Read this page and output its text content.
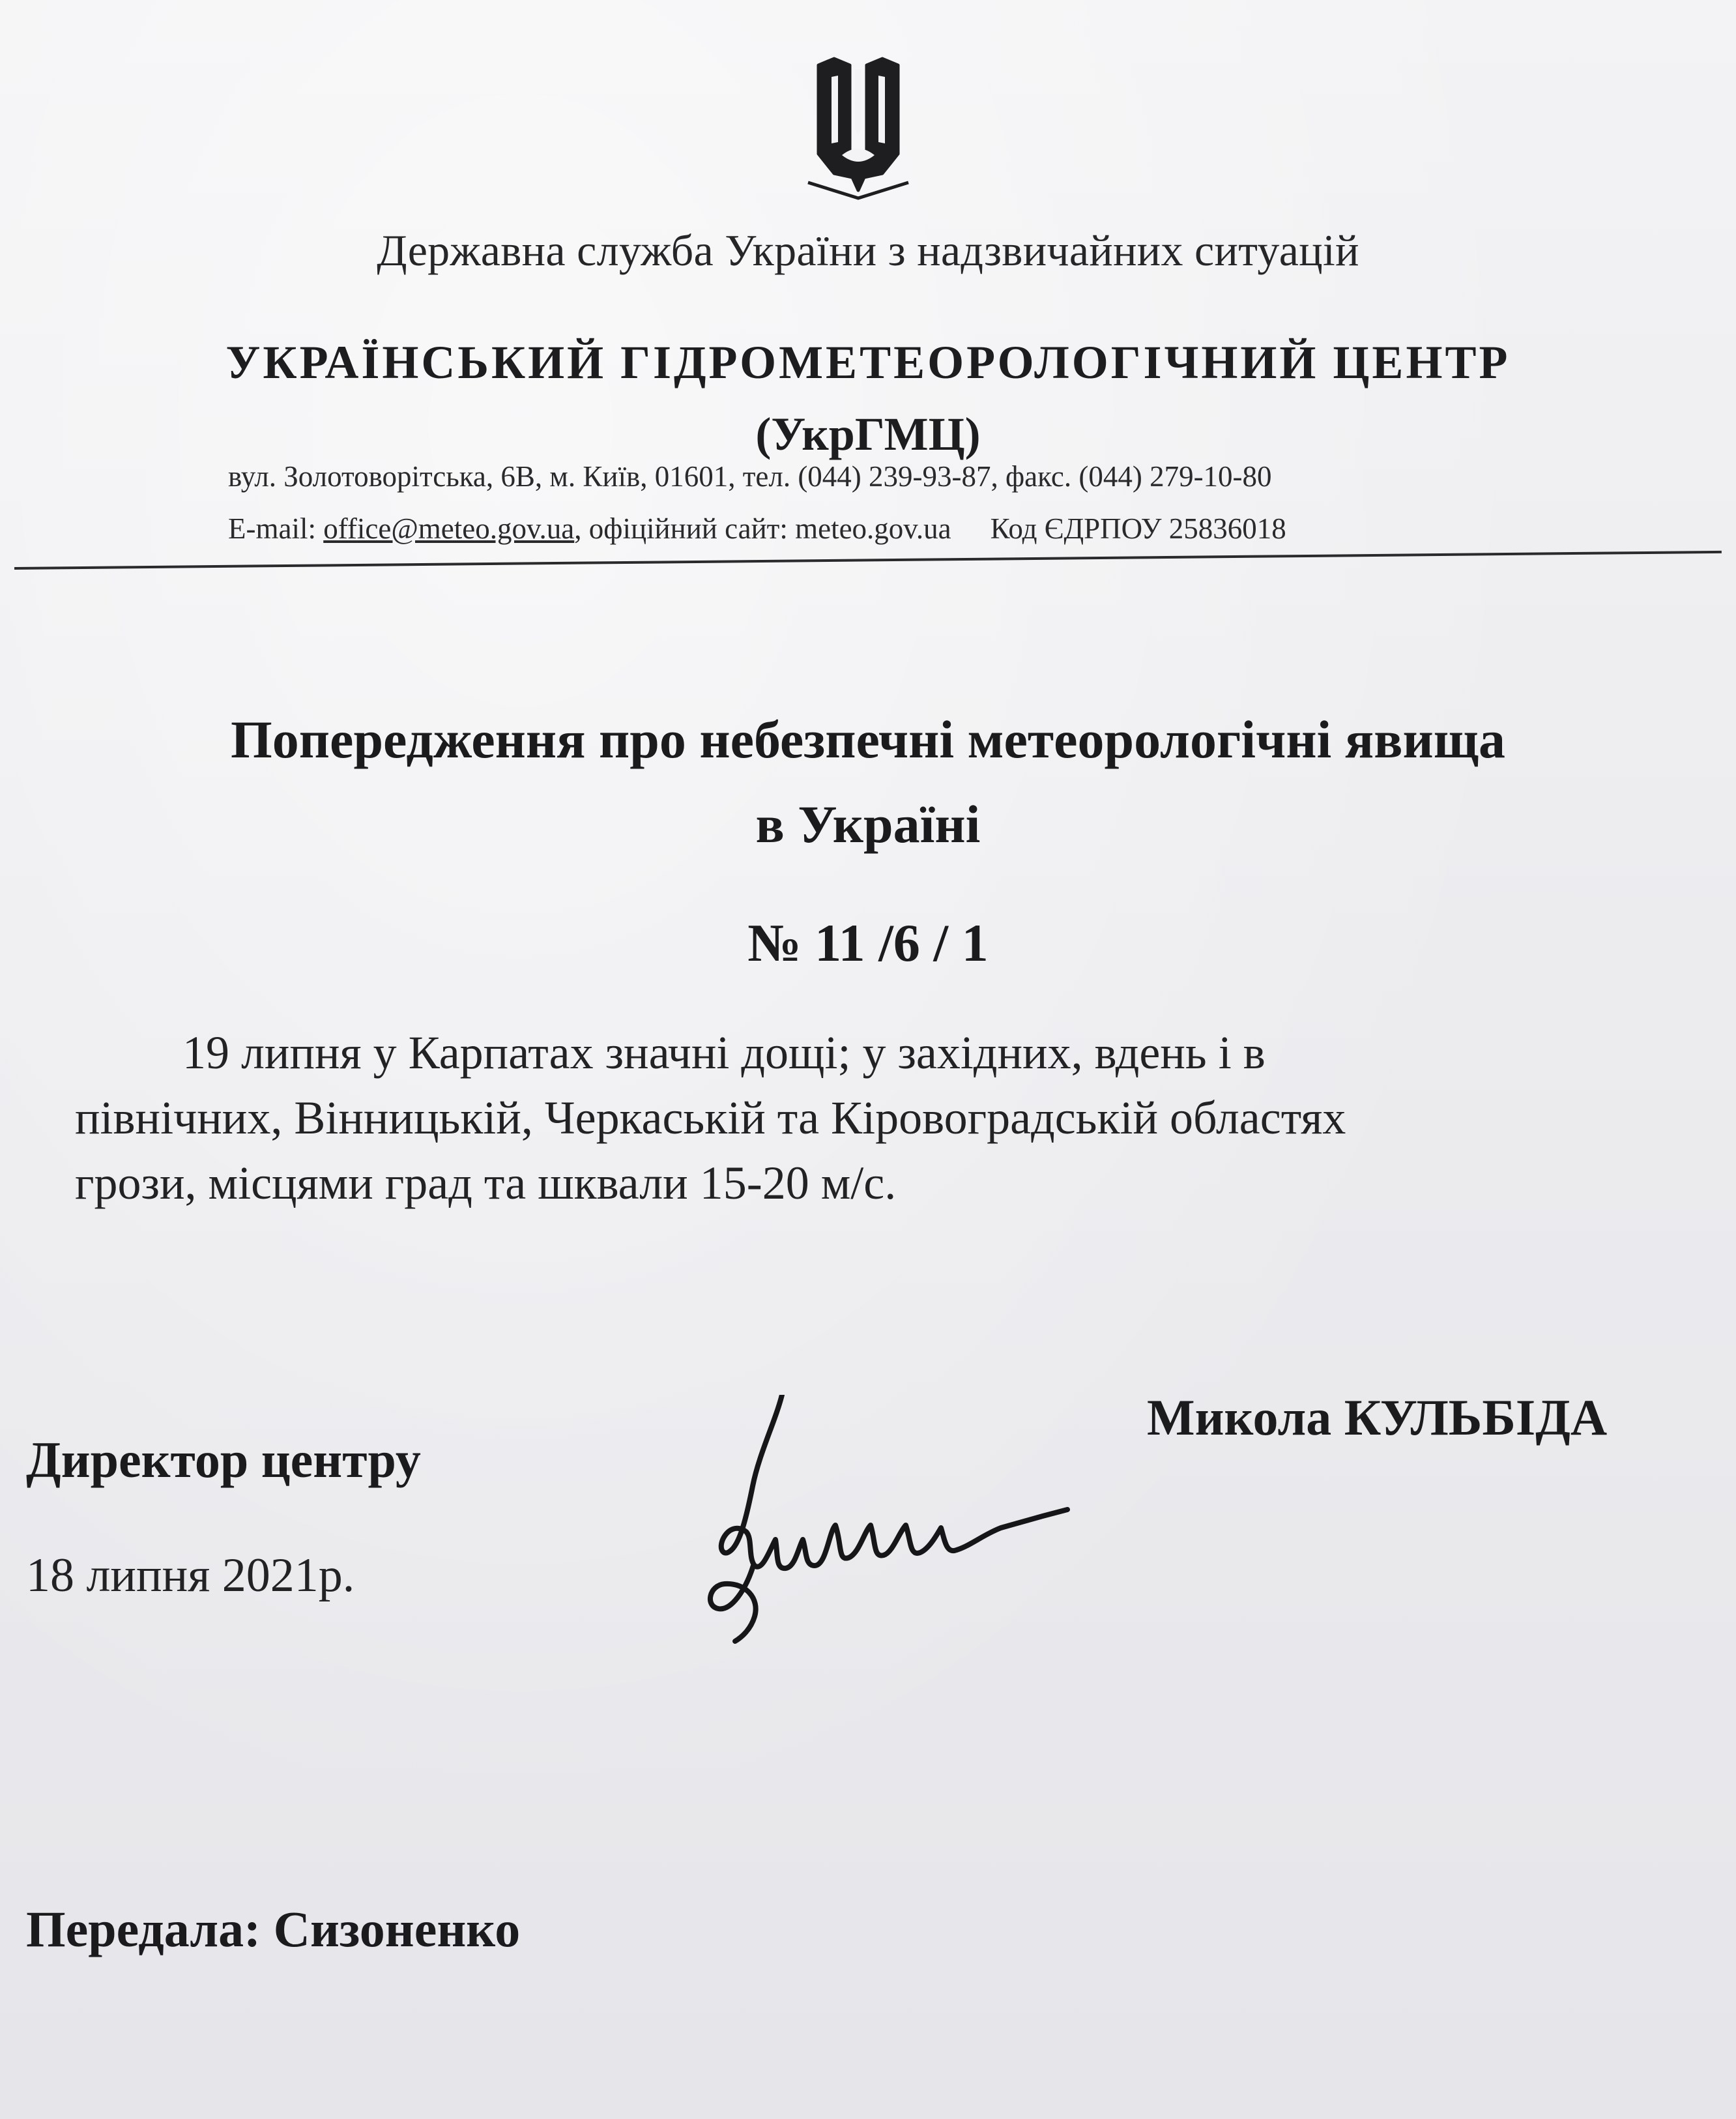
Державна служба України з надзвичайних ситуацій
УКРАЇНСЬКИЙ ГІДРОМЕТЕОРОЛОГІЧНИЙ ЦЕНТР
(УкрГМЦ)
вул. Золотоворітська, 6В, м. Київ, 01601, тел. (044) 239-93-87, факс. (044) 279-10-80
E-mail: office@meteo.gov.ua, офіційний сайт: meteo.gov.ua Код ЄДРПОУ 25836018
Попередження про небезпечні метеорологічні явища
в Україні
№ 11 /6 / 1
19 липня у Карпатах значні дощі; у західних, вдень і в
північних, Вінницькій, Черкаській та Кіровоградській областях
грози, місцями град та шквали 15-20 м/с.
Микола КУЛЬБІДА
Директор центру
18 липня 2021р.
Передала: Сизоненко
